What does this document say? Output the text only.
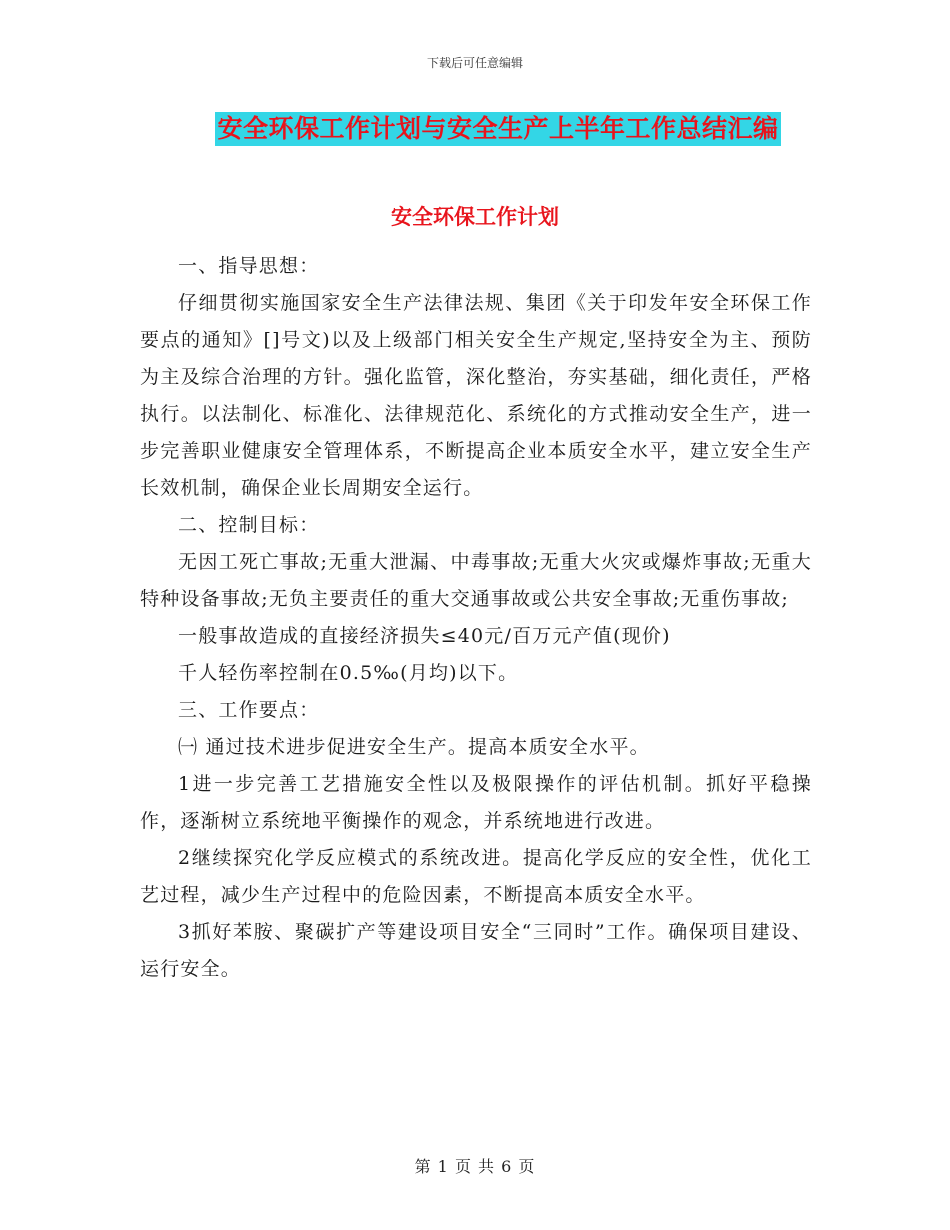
下载后可任意编辑
安全环保工作计划与安全生产上半年工作总结汇编
安全环保工作计划

一、指导思想：

仔细贯彻实施国家安全生产法律法规、集团《关于印发年安全环保工作要点的通知》[]号文)以及上级部门相关安全生产规定,坚持安全为主、预防为主及综合治理的方针。强化监管，深化整治，夯实基础，细化责任，严格执行。以法制化、标准化、法律规范化、系统化的方式推动安全生产，进一步完善职业健康安全管理体系，不断提高企业本质安全水平，建立安全生产长效机制，确保企业长周期安全运行。

二、控制目标：

无因工死亡事故;无重大泄漏、中毒事故;无重大火灾或爆炸事故;无重大特种设备事故;无负主要责任的重大交通事故或公共安全事故;无重伤事故;

一般事故造成的直接经济损失≤40元/百万元产值(现价)

千人轻伤率控制在0.5‰(月均)以下。

三、工作要点：

㈠ 通过技术进步促进安全生产。提高本质安全水平。

1进一步完善工艺措施安全性以及极限操作的评估机制。抓好平稳操作，逐渐树立系统地平衡操作的观念，并系统地进行改进。

2继续探究化学反应模式的系统改进。提高化学反应的安全性，优化工艺过程，减少生产过程中的危险因素，不断提高本质安全水平。

3抓好苯胺、聚碳扩产等建设项目安全“三同时”工作。确保项目建设、运行安全。

第 1 页 共 6 页
